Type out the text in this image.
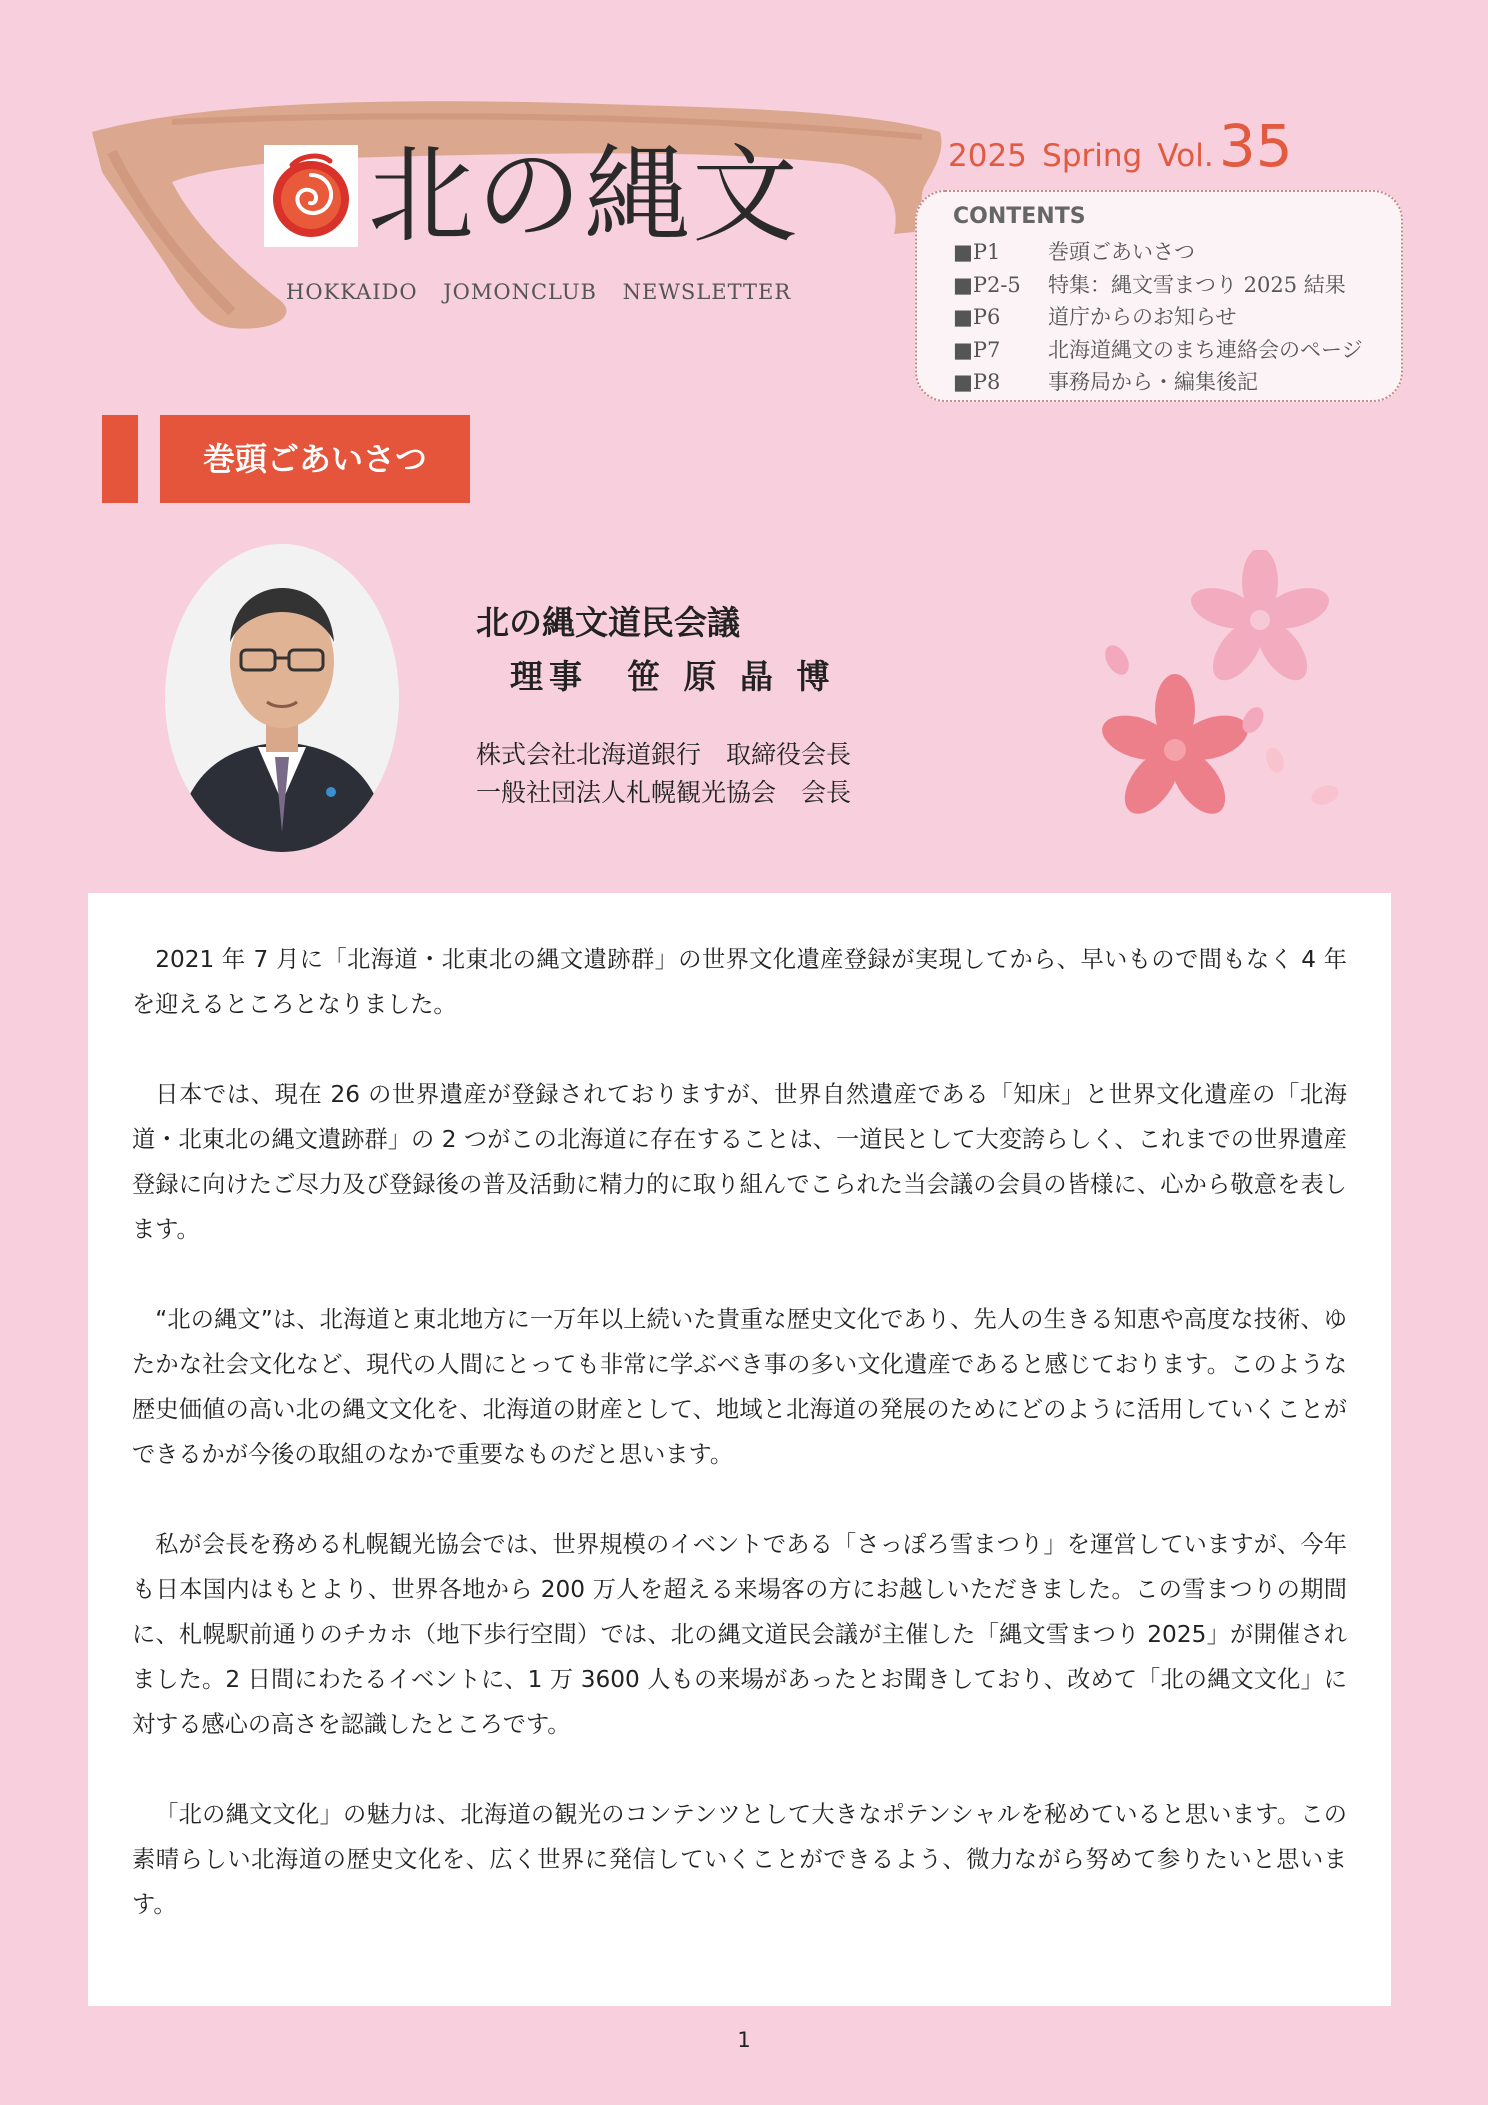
北の縄文
HOKKAIDO JOMONCLUB NEWSLETTER
2025 Spring Vol. 35
CONTENTS
■P1 巻頭ごあいさつ
■P2-5 特集：縄文雪まつり 2025 結果
■P6 道庁からのお知らせ
■P7 北海道縄文のまち連絡会のページ
■P8 事務局から・編集後記
巻頭ごあいさつ
北の縄文道民会議
理事　笹 原 晶 博
株式会社北海道銀行　取締役会長
一般社団法人札幌観光協会　会長

2021 年 7 月に「北海道・北東北の縄文遺跡群」の世界文化遺産登録が実現してから、早いもので間もなく 4 年を迎えるところとなりました。

日本では、現在 26 の世界遺産が登録されておりますが、世界自然遺産である「知床」と世界文化遺産の「北海道・北東北の縄文遺跡群」の 2 つがこの北海道に存在することは、一道民として大変誇らしく、これまでの世界遺産登録に向けたご尽力及び登録後の普及活動に精力的に取り組んでこられた当会議の会員の皆様に、心から敬意を表します。

“北の縄文”は、北海道と東北地方に一万年以上続いた貴重な歴史文化であり、先人の生きる知恵や高度な技術、ゆたかな社会文化など、現代の人間にとっても非常に学ぶべき事の多い文化遺産であると感じております。このような歴史価値の高い北の縄文文化を、北海道の財産として、地域と北海道の発展のためにどのように活用していくことができるかが今後の取組のなかで重要なものだと思います。

私が会長を務める札幌観光協会では、世界規模のイベントである「さっぽろ雪まつり」を運営していますが、今年も日本国内はもとより、世界各地から 200 万人を超える来場客の方にお越しいただきました。この雪まつりの期間に、札幌駅前通りのチカホ（地下歩行空間）では、北の縄文道民会議が主催した「縄文雪まつり 2025」が開催されました。2 日間にわたるイベントに、1 万 3600 人もの来場があったとお聞きしており、改めて「北の縄文文化」に対する感心の高さを認識したところです。

「北の縄文文化」の魅力は、北海道の観光のコンテンツとして大きなポテンシャルを秘めていると思います。この素晴らしい北海道の歴史文化を、広く世界に発信していくことができるよう、微力ながら努めて参りたいと思います。

1
